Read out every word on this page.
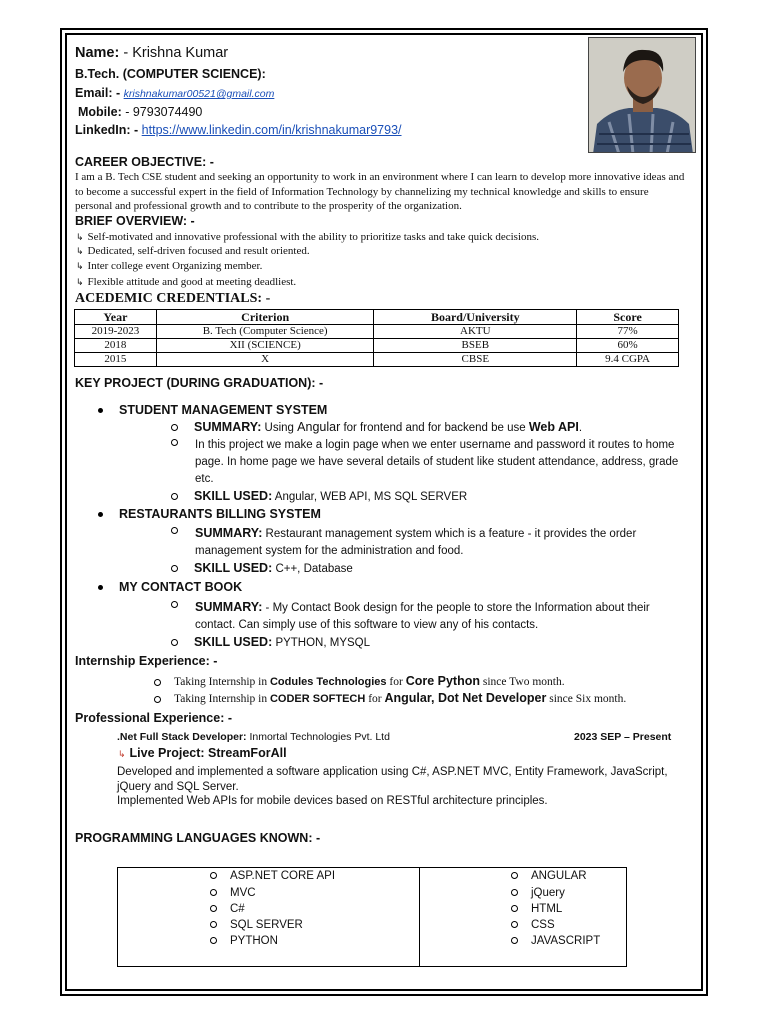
Name: - Krishna Kumar
B.Tech. (COMPUTER SCIENCE):
Email: - krishnakumar00521@gmail.com
Mobile: - 9793074490
LinkedIn: - https://www.linkedin.com/in/krishnakumar9793/
CAREER OBJECTIVE: -
I am a B. Tech CSE student and seeking an opportunity to work in an environment where I can learn to develop more innovative ideas and to become a successful expert in the field of Information Technology by channelizing my technical knowledge and skills to ensure personal and professional growth and to contribute to the prosperity of the organization.
BRIEF OVERVIEW: -
↳ Self-motivated and innovative professional with the ability to prioritize tasks and take quick decisions.
↳ Dedicated, self-driven focused and result oriented.
↳ Inter college event Organizing member.
↳ Flexible attitude and good at meeting deadliest.
ACEDEMIC CREDENTIALS: -
Year	Criterion	Board/University	Score
2019-2023	B. Tech (Computer Science)	AKTU	77%
2018	XII (SCIENCE)	BSEB	60%
2015	X	CBSE	9.4 CGPA
KEY PROJECT (DURING GRADUATION): -
STUDENT MANAGEMENT SYSTEM
SUMMARY: Using Angular for frontend and for backend be use Web API.
In this project we make a login page when we enter username and password it routes to home page. In home page we have several details of student like student attendance, address, grade etc.
SKILL USED: Angular, WEB API, MS SQL SERVER
RESTAURANTS BILLING SYSTEM
SUMMARY: Restaurant management system which is a feature - it provides the order management system for the administration and food.
SKILL USED: C++, Database
MY CONTACT BOOK
SUMMARY: - My Contact Book design for the people to store the Information about their contact. Can simply use of this software to view any of his contacts.
SKILL USED: PYTHON, MYSQL
Internship Experience: -
Taking Internship in Codules Technologies for Core Python since Two month.
Taking Internship in CODER SOFTECH for Angular, Dot Net Developer since Six month.
Professional Experience: -
.Net Full Stack Developer: Inmortal Technologies Pvt. Ltd	2023 SEP – Present
↳ Live Project: StreamForAll
Developed and implemented a software application using C#, ASP.NET MVC, Entity Framework, JavaScript, jQuery and SQL Server.
Implemented Web APIs for mobile devices based on RESTful architecture principles.
PROGRAMMING LANGUAGES KNOWN: -
ASP.NET CORE API
MVC
C#
SQL SERVER
PYTHON
ANGULAR
jQuery
HTML
CSS
JAVASCRIPT
